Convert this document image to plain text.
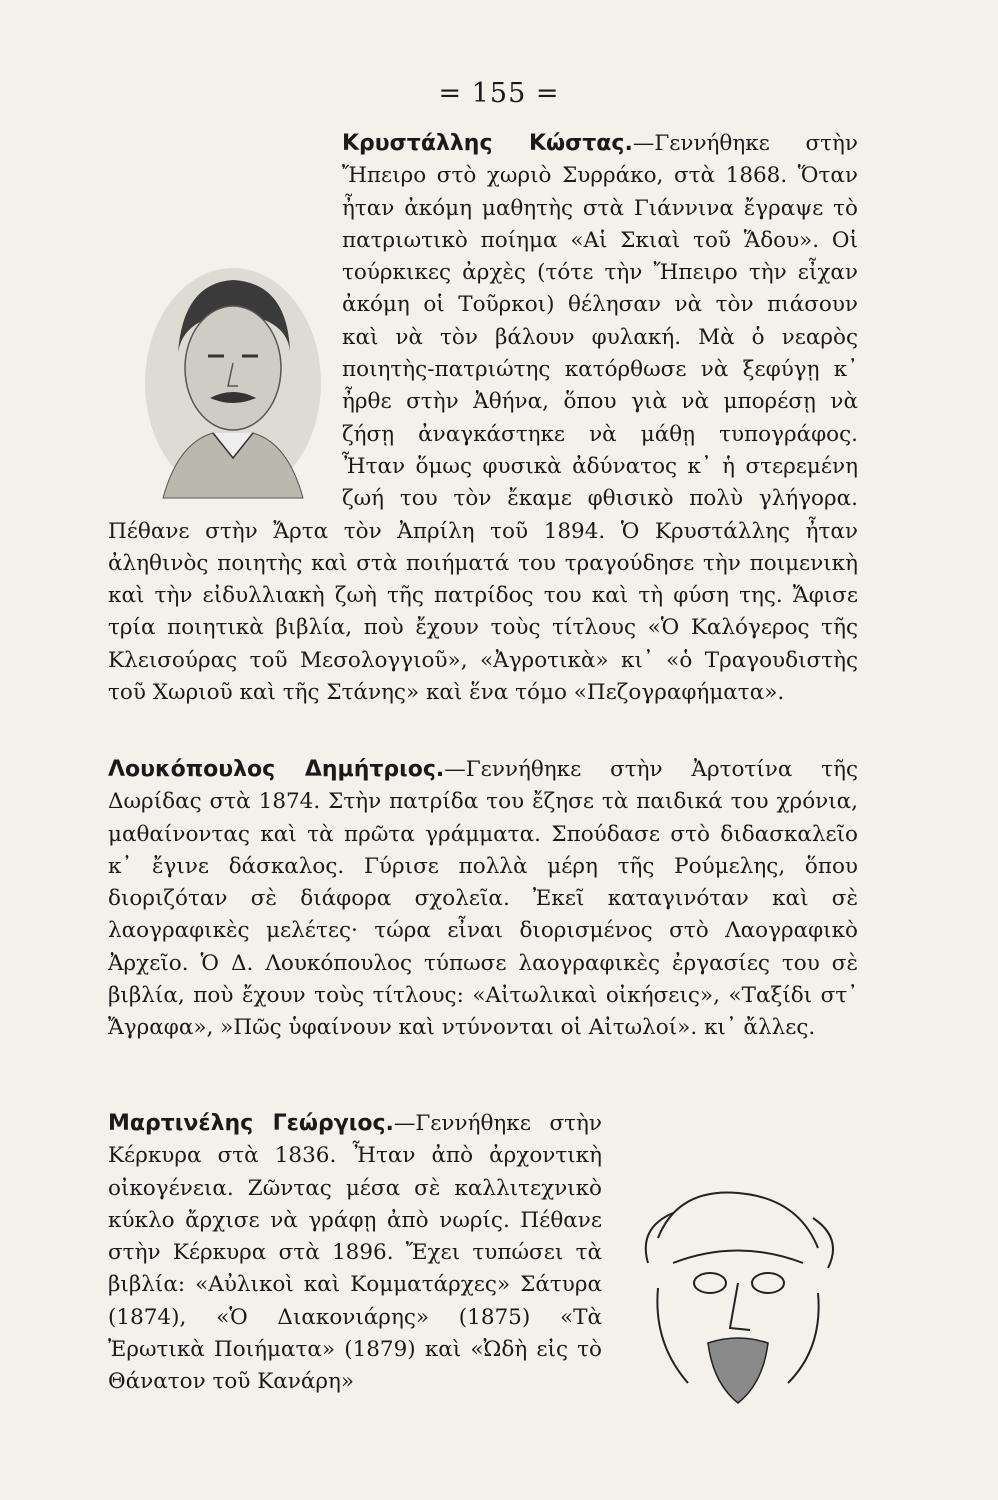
= 155 =

Κρυστάλλης Κώστας.—Γεννήθηκε στὴν Ἤπειρο στὸ χωριὸ Συρράκο, στὰ 1868. Ὅταν ἦταν ἀκόμη μαθητὴς στὰ Γιάννινα ἔγραψε τὸ πατριωτικὸ ποίημα «Αἱ Σκιαὶ τοῦ Ἅδου». Οἱ τούρκικες ἀρχὲς (τότε τὴν Ἤπειρο τὴν εἶχαν ἀκόμη οἱ Τοῦρκοι) θέλησαν νὰ τὸν πιάσουν καὶ νὰ τὸν βάλουν φυλακή. Μὰ ὁ νεαρὸς ποιητὴς-πατριώτης κατόρθωσε νὰ ξεφύγῃ κ᾿ ἦρθε στὴν Ἀθήνα, ὅπου γιὰ νὰ μπορέσῃ νὰ ζήσῃ ἀναγκάστηκε νὰ μάθῃ τυπογράφος. Ἦταν ὅμως φυσικὰ ἀδύνατος κ᾿ ἡ στερεμένη ζωή του τὸν ἔκαμε φθισικὸ πολὺ γλήγορα. Πέθανε στὴν Ἄρτα τὸν Ἀπρίλη τοῦ 1894. Ὁ Κρυστάλλης ἦταν ἀληθινὸς ποιητὴς καὶ στὰ ποιήματά του τραγούδησε τὴν ποιμενικὴ καὶ τὴν εἰδυλλιακὴ ζωὴ τῆς πατρίδος του καὶ τὴ φύση της. Ἄφισε τρία ποιητικὰ βιβλία, ποὺ ἔχουν τοὺς τίτλους «Ὁ Καλόγερος τῆς Κλεισούρας τοῦ Μεσολογγιοῦ», «Ἀγροτικὰ» κι᾿ «ὁ Τραγουδιστὴς τοῦ Χωριοῦ καὶ τῆς Στάνης» καὶ ἕνα τόμο «Πεζογραφήματα».

Λουκόπουλος Δημήτριος.—Γεννήθηκε στὴν Ἀρτοτίνα τῆς Δωρίδας στὰ 1874. Στὴν πατρίδα του ἔζησε τὰ παιδικά του χρόνια, μαθαίνοντας καὶ τὰ πρῶτα γράμματα. Σπούδασε στὸ διδασκαλεῖο κ᾿ ἔγινε δάσκαλος. Γύρισε πολλὰ μέρη τῆς Ρούμελης, ὅπου διοριζόταν σὲ διάφορα σχολεῖα. Ἐκεῖ καταγινόταν καὶ σὲ λαογραφικὲς μελέτες· τώρα εἶναι διορισμένος στὸ Λαογραφικὸ Ἀρχεῖο. Ὁ Δ. Λουκόπουλος τύπωσε λαογραφικὲς ἐργασίες του σὲ βιβλία, ποὺ ἔχουν τοὺς τίτλους: «Αἰτωλικαὶ οἰκήσεις», «Ταξίδι στ᾿ Ἄγραφα», »Πῶς ὑφαίνουν καὶ ντύνονται οἱ Αἰτωλοί». κι᾿ ἄλλες.

Μαρτινέλης Γεώργιος.—Γεννήθηκε στὴν Κέρκυρα στὰ 1836. Ἦταν ἀπὸ ἀρχοντικὴ οἰκογένεια. Ζῶντας μέσα σὲ καλλιτεχνικὸ κύκλο ἄρχισε νὰ γράφῃ ἀπὸ νωρίς. Πέθανε στὴν Κέρκυρα στὰ 1896. Ἔχει τυπώσει τὰ βιβλία: «Αὐλικοὶ καὶ Κομματάρχες» Σάτυρα (1874), «Ὁ Διακονιάρης» (1875) «Τὰ Ἐρωτικὰ Ποιήματα» (1879) καὶ «Ὠδὴ εἰς τὸ Θάνατον τοῦ Κανάρη»
